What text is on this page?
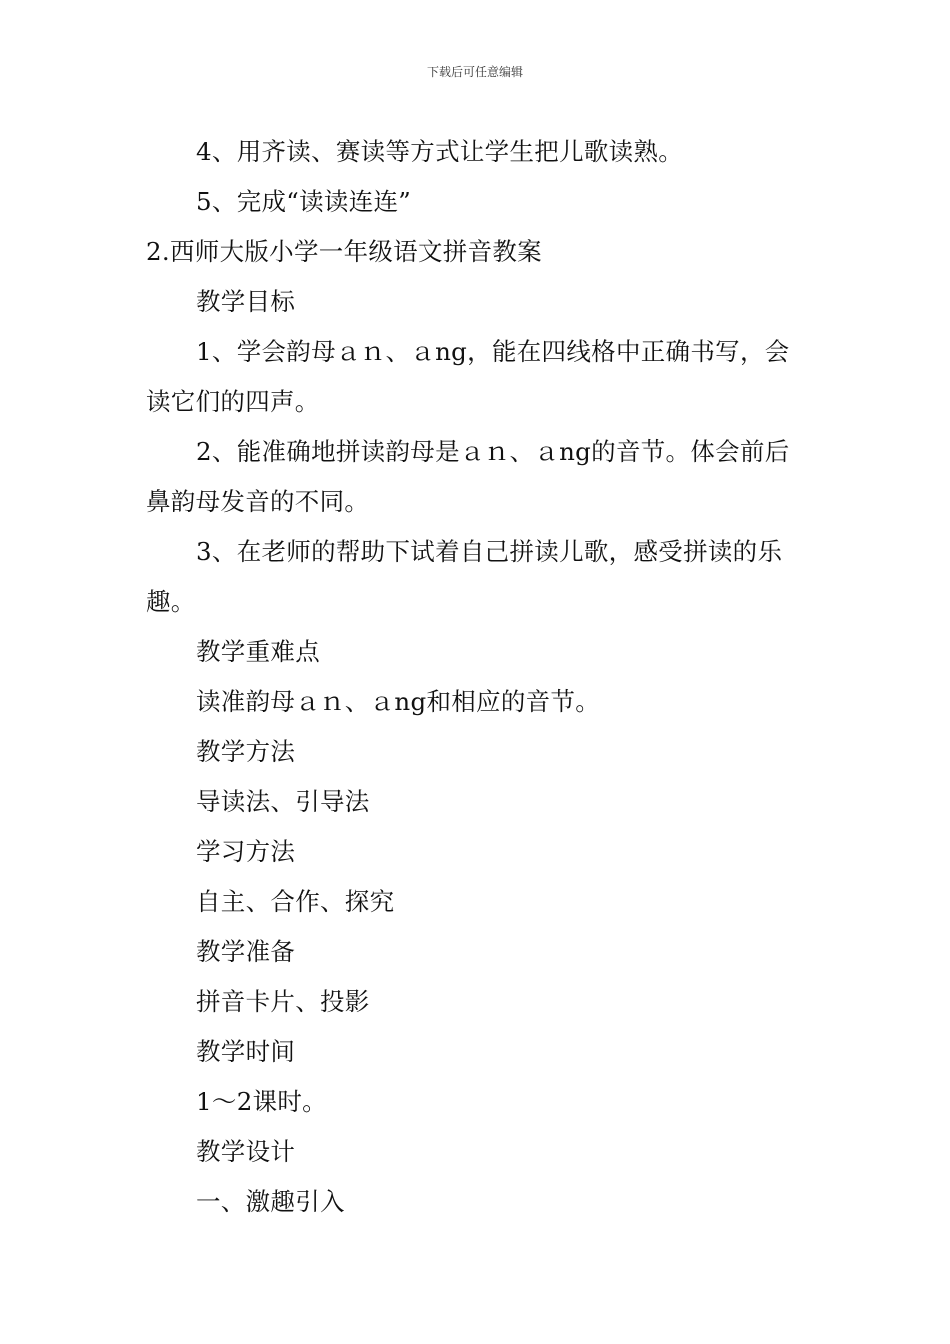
下载后可任意编辑

4、用齐读、赛读等方式让学生把儿歌读熟。

5、完成“读读连连”

2.西师大版小学一年级语文拼音教案

教学目标

1、学会韵母ａｎ、ａng，能在四线格中正确书写，会

读它们的四声。

2、能准确地拼读韵母是ａｎ、ａng的音节。体会前后

鼻韵母发音的不同。

3、在老师的帮助下试着自己拼读儿歌，感受拼读的乐

趣。

教学重难点

读准韵母ａｎ、ａng和相应的音节。

教学方法

导读法、引导法

学习方法

自主、合作、探究

教学准备

拼音卡片、投影

教学时间

1～2课时。

教学设计

一、激趣引入
